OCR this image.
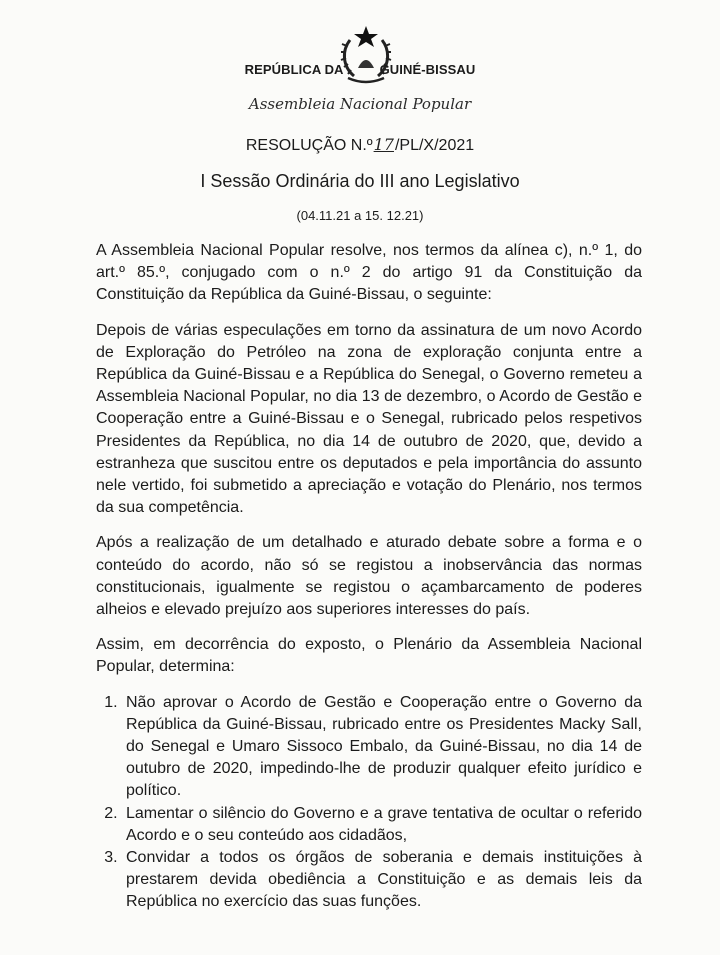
REPÚBLICA DA	GUINÉ-BISSAU
Assembleia Nacional Popular
RESOLUÇÃO N.º17/PL/X/2021
I Sessão Ordinária do III ano Legislativo
(04.11.21 a 15. 12.21)

A Assembleia Nacional Popular resolve, nos termos da alínea c), n.º 1, do art.º 85.º, conjugado com o n.º 2 do artigo 91 da Constituição da Constituição da República da Guiné-Bissau, o seguinte:

Depois de várias especulações em torno da assinatura de um novo Acordo de Exploração do Petróleo na zona de exploração conjunta entre a República da Guiné-Bissau e a República do Senegal, o Governo remeteu a Assembleia Nacional Popular, no dia 13 de dezembro, o Acordo de Gestão e Cooperação entre a Guiné-Bissau e o Senegal, rubricado pelos respetivos Presidentes da República, no dia 14 de outubro de 2020, que, devido a estranheza que suscitou entre os deputados e pela importância do assunto nele vertido, foi submetido a apreciação e votação do Plenário, nos termos da sua competência.

Após a realização de um detalhado e aturado debate sobre a forma e o conteúdo do acordo, não só se registou a inobservância das normas constitucionais, igualmente se registou o açambarcamento de poderes alheios e elevado prejuízo aos superiores interesses do país.

Assim, em decorrência do exposto, o Plenário da Assembleia Nacional Popular, determina:

1. Não aprovar o Acordo de Gestão e Cooperação entre o Governo da República da Guiné-Bissau, rubricado entre os Presidentes Macky Sall, do Senegal e Umaro Sissoco Embalo, da Guiné-Bissau, no dia 14 de outubro de 2020, impedindo-lhe de produzir qualquer efeito jurídico e político.
2. Lamentar o silêncio do Governo e a grave tentativa de ocultar o referido Acordo e o seu conteúdo aos cidadãos,
3. Convidar a todos os órgãos de soberania e demais instituições à prestarem devida obediência a Constituição e as demais leis da República no exercício das suas funções.
